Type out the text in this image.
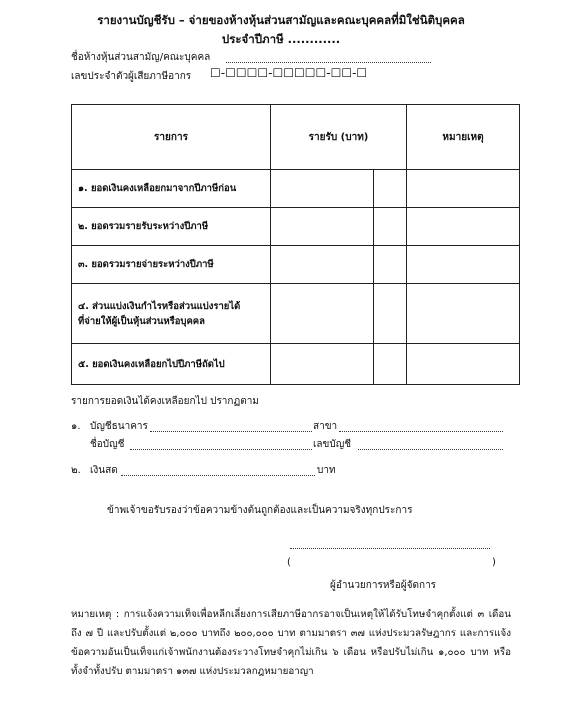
รายงานบัญชีรับ – จ่ายของห้างหุ้นส่วนสามัญและคณะบุคคลที่มิใช่นิติบุคคล
ประจำปีภาษี ............
ชื่อห้างหุ้นส่วนสามัญ/คณะบุคคล
เลขประจำตัวผู้เสียภาษีอากร ☐-☐☐☐☐-☐☐☐☐☐-☐☐-☐
รายการ	รายรับ (บาท)		หมายเหตุ
๑. ยอดเงินคงเหลือยกมาจากปีภาษีก่อน			
๒. ยอดรวมรายรับระหว่างปีภาษี			
๓. ยอดรวมรายจ่ายระหว่างปีภาษี			

๔. ส่วนแบ่งเงินกำไรหรือส่วนแบ่งรายได้
ที่จ่ายให้ผู้เป็นหุ้นส่วนหรือบุคคล			

๕. ยอดเงินคงเหลือยกไปปีภาษีถัดไป			
รายการยอดเงินได้คงเหลือยกไป ปรากฏตาม
๑. บัญชีธนาคาร	สาขา
ชื่อบัญชี	เลขบัญชี
๒. เงินสด	บาท
ข้าพเจ้าขอรับรองว่าข้อความข้างต้นถูกต้องและเป็นความจริงทุกประการ
(	)
ผู้อำนวยการหรือผู้จัดการ
หมายเหตุ : การแจ้งความเท็จเพื่อหลีกเลี่ยงการเสียภาษีอากรอาจเป็นเหตุให้ได้รับโทษจำคุกตั้งแต่ ๓ เดือนถึง ๗ ปี และปรับตั้งแต่ ๒,๐๐๐ บาทถึง ๒๐๐,๐๐๐ บาท ตามมาตรา ๓๗ แห่งประมวลรัษฎากร และการแจ้งข้อความอันเป็นเท็จแก่เจ้าพนักงานต้องระวางโทษจำคุกไม่เกิน ๖ เดือน หรือปรับไม่เกิน ๑,๐๐๐ บาท หรือทั้งจำทั้งปรับ ตามมาตรา ๑๓๗ แห่งประมวลกฎหมายอาญา
